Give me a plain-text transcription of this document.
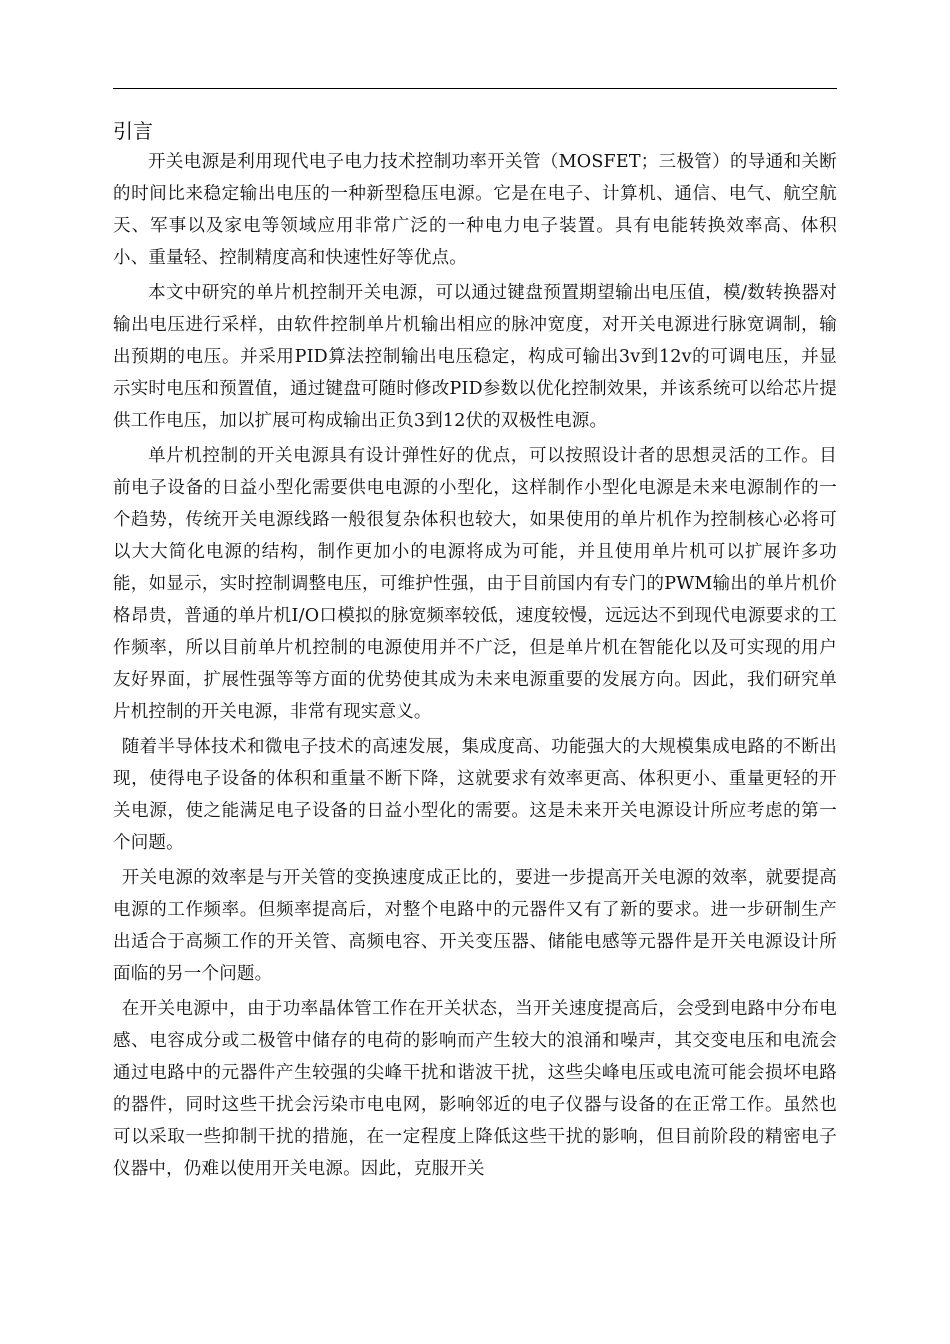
引言

开关电源是利用现代电子电力技术控制功率开关管（MOSFET；三极管）的导通和关断的时间比来稳定输出电压的一种新型稳压电源。它是在电子、计算机、通信、电气、航空航天、军事以及家电等领域应用非常广泛的一种电力电子装置。具有电能转换效率高、体积小、重量轻、控制精度高和快速性好等优点。

本文中研究的单片机控制开关电源，可以通过键盘预置期望输出电压值，模/数转换器对输出电压进行采样，由软件控制单片机输出相应的脉冲宽度，对开关电源进行脉宽调制，输出预期的电压。并采用PID算法控制输出电压稳定，构成可输出3v到12v的可调电压，并显示实时电压和预置值，通过键盘可随时修改PID参数以优化控制效果，并该系统可以给芯片提供工作电压，加以扩展可构成输出正负3到12伏的双极性电源。

单片机控制的开关电源具有设计弹性好的优点，可以按照设计者的思想灵活的工作。目前电子设备的日益小型化需要供电电源的小型化，这样制作小型化电源是未来电源制作的一个趋势，传统开关电源线路一般很复杂体积也较大，如果使用的单片机作为控制核心必将可以大大简化电源的结构，制作更加小的电源将成为可能，并且使用单片机可以扩展许多功能，如显示，实时控制调整电压，可维护性强，由于目前国内有专门的PWM输出的单片机价格昂贵，普通的单片机I/O口模拟的脉宽频率较低，速度较慢，远远达不到现代电源要求的工作频率，所以目前单片机控制的电源使用并不广泛，但是单片机在智能化以及可实现的用户友好界面，扩展性强等等方面的优势使其成为未来电源重要的发展方向。因此，我们研究单片机控制的开关电源，非常有现实意义。

随着半导体技术和微电子技术的高速发展，集成度高、功能强大的大规模集成电路的不断出现，使得电子设备的体积和重量不断下降，这就要求有效率更高、体积更小、重量更轻的开关电源，使之能满足电子设备的日益小型化的需要。这是未来开关电源设计所应考虑的第一个问题。

开关电源的效率是与开关管的变换速度成正比的，要进一步提高开关电源的效率，就要提高电源的工作频率。但频率提高后，对整个电路中的元器件又有了新的要求。进一步研制生产出适合于高频工作的开关管、高频电容、开关变压器、储能电感等元器件是开关电源设计所面临的另一个问题。

在开关电源中，由于功率晶体管工作在开关状态，当开关速度提高后，会受到电路中分布电感、电容成分或二极管中储存的电荷的影响而产生较大的浪涌和噪声，其交变电压和电流会通过电路中的元器件产生较强的尖峰干扰和谐波干扰，这些尖峰电压或电流可能会损坏电路的器件，同时这些干扰会污染市电电网，影响邻近的电子仪器与设备的在正常工作。虽然也可以采取一些抑制干扰的措施，在一定程度上降低这些干扰的影响，但目前阶段的精密电子仪器中，仍难以使用开关电源。因此，克服开关
